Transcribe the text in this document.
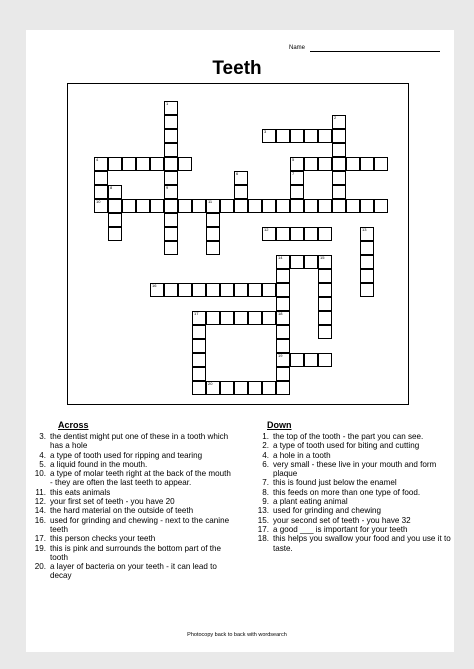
Name
Teeth
1
2
3
4	5
6	7
8	9
10	11
12	13
14	15
16
17	18
19
20
Across
3. the dentist might put one of these in a tooth which has a hole
4. a type of tooth used for ripping and tearing
5. a liquid found in the mouth.
10. a type of molar teeth right at the back of the mouth - they are often the last teeth to appear.
11. this eats animals
12. your first set of teeth - you have 20
14. the hard material on the outside of teeth
16. used for grinding and chewing - next to the canine teeth
17. this person checks your teeth
19. this is pink and surrounds the bottom part of the tooth
20. a layer of bacteria on your teeth - it can lead to decay
Down
1. the top of the tooth - the part you can see.
2. a type of tooth used for biting and cutting
4. a hole in a tooth
6. very small - these live in your mouth and form plaque
7. this is found just below the enamel
8. this feeds on more than one type of food.
9. a plant eating animal
13. used for grinding and chewing
15. your second set of teeth - you have 32
17. a good ___ is important for your teeth
18. this helps you swallow your food and you use it to taste.
Photocopy back to back with wordsearch
